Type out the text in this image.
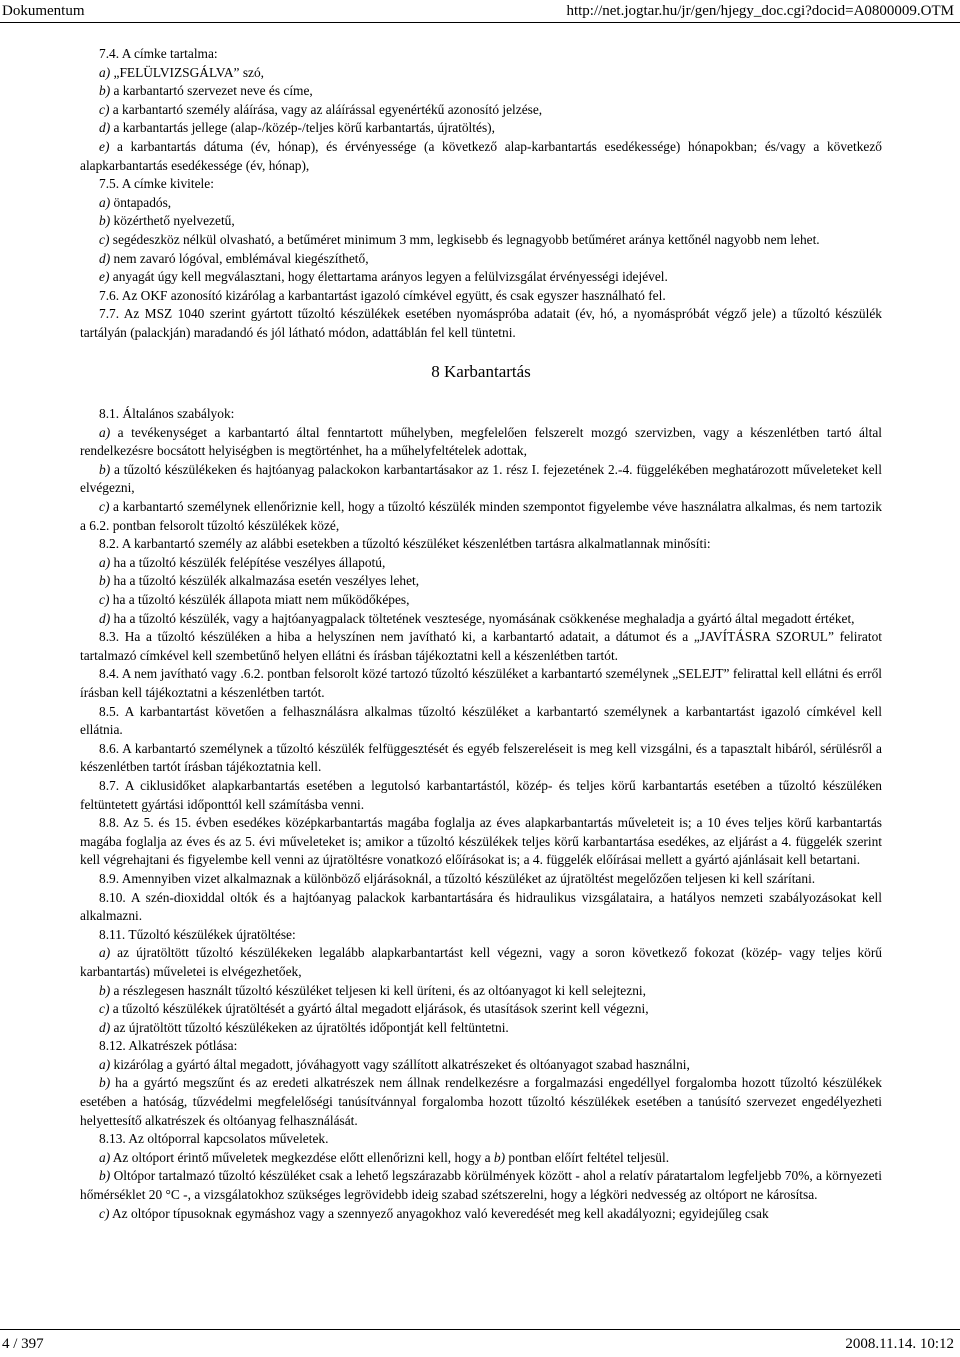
Dokumentum	http://net.jogtar.hu/jr/gen/hjegy_doc.cgi?docid=A0800009.OTM

7.4. A címke tartalma:

a) „FELÜLVIZSGÁLVA” szó,

b) a karbantartó szervezet neve és címe,

c) a karbantartó személy aláírása, vagy az aláírással egyenértékű azonosító jelzése,

d) a karbantartás jellege (alap-/közép-/teljes körű karbantartás, újratöltés),

e) a karbantartás dátuma (év, hónap), és érvényessége (a következő alap-karbantartás esedékessége) hónapokban; és/vagy a következő alapkarbantartás esedékessége (év, hónap),

7.5. A címke kivitele:

a) öntapadós,

b) közérthető nyelvezetű,

c) segédeszköz nélkül olvasható, a betűméret minimum 3 mm, legkisebb és legnagyobb betűméret aránya kettőnél nagyobb nem lehet.

d) nem zavaró lógóval, emblémával kiegészíthető,

e) anyagát úgy kell megválasztani, hogy élettartama arányos legyen a felülvizsgálat érvényességi idejével.

7.6. Az OKF azonosító kizárólag a karbantartást igazoló címkével együtt, és csak egyszer használható fel.

7.7. Az MSZ 1040 szerint gyártott tűzoltó készülékek esetében nyomáspróba adatait (év, hó, a nyomáspróbát végző jele) a tűzoltó készülék tartályán (palackján) maradandó és jól látható módon, adattáblán fel kell tüntetni.

8 Karbantartás

8.1. Általános szabályok:

a) a tevékenységet a karbantartó által fenntartott műhelyben, megfelelően felszerelt mozgó szervizben, vagy a készenlétben tartó által rendelkezésre bocsátott helyiségben is megtörténhet, ha a műhelyfeltételek adottak,

b) a tűzoltó készülékeken és hajtóanyag palackokon karbantartásakor az 1. rész I. fejezetének 2.-4. függelékében meghatározott műveleteket kell elvégezni,

c) a karbantartó személynek ellenőriznie kell, hogy a tűzoltó készülék minden szempontot figyelembe véve használatra alkalmas, és nem tartozik a 6.2. pontban felsorolt tűzoltó készülékek közé,

8.2. A karbantartó személy az alábbi esetekben a tűzoltó készüléket készenlétben tartásra alkalmatlannak minősíti:

a) ha a tűzoltó készülék felépítése veszélyes állapotú,

b) ha a tűzoltó készülék alkalmazása esetén veszélyes lehet,

c) ha a tűzoltó készülék állapota miatt nem működőképes,

d) ha a tűzoltó készülék, vagy a hajtóanyagpalack töltetének vesztesége, nyomásának csökkenése meghaladja a gyártó által megadott értéket,

8.3. Ha a tűzoltó készüléken a hiba a helyszínen nem javítható ki, a karbantartó adatait, a dátumot és a „JAVÍTÁSRA SZORUL” feliratot tartalmazó címkével kell szembetűnő helyen ellátni és írásban tájékoztatni kell a készenlétben tartót.

8.4. A nem javítható vagy .6.2. pontban felsorolt közé tartozó tűzoltó készüléket a karbantartó személynek „SELEJT” felirattal kell ellátni és erről írásban kell tájékoztatni a készenlétben tartót.

8.5. A karbantartást követően a felhasználásra alkalmas tűzoltó készüléket a karbantartó személynek a karbantartást igazoló címkével kell ellátnia.

8.6. A karbantartó személynek a tűzoltó készülék felfüggesztését és egyéb felszereléseit is meg kell vizsgálni, és a tapasztalt hibáról, sérülésről a készenlétben tartót írásban tájékoztatnia kell.

8.7. A ciklusidőket alapkarbantartás esetében a legutolsó karbantartástól, közép- és teljes körű karbantartás esetében a tűzoltó készüléken feltüntetett gyártási időponttól kell számításba venni.

8.8. Az 5. és 15. évben esedékes középkarbantartás magába foglalja az éves alapkarbantartás műveleteit is; a 10 éves teljes körű karbantartás magába foglalja az éves és az 5. évi műveleteket is; amikor a tűzoltó készülékek teljes körű karbantartása esedékes, az eljárást a 4. függelék szerint kell végrehajtani és figyelembe kell venni az újratöltésre vonatkozó előírásokat is; a 4. függelék előírásai mellett a gyártó ajánlásait kell betartani.

8.9. Amennyiben vizet alkalmaznak a különböző eljárásoknál, a tűzoltó készüléket az újratöltést megelőzően teljesen ki kell szárítani.

8.10. A szén-dioxiddal oltók és a hajtóanyag palackok karbantartására és hidraulikus vizsgálataira, a hatályos nemzeti szabályozásokat kell alkalmazni.

8.11. Tűzoltó készülékek újratöltése:

a) az újratöltött tűzoltó készülékeken legalább alapkarbantartást kell végezni, vagy a soron következő fokozat (közép- vagy teljes körű karbantartás) műveletei is elvégezhetőek,

b) a részlegesen használt tűzoltó készüléket teljesen ki kell üríteni, és az oltóanyagot ki kell selejtezni,

c) a tűzoltó készülékek újratöltését a gyártó által megadott eljárások, és utasítások szerint kell végezni,

d) az újratöltött tűzoltó készülékeken az újratöltés időpontját kell feltüntetni.

8.12. Alkatrészek pótlása:

a) kizárólag a gyártó által megadott, jóváhagyott vagy szállított alkatrészeket és oltóanyagot szabad használni,

b) ha a gyártó megszűnt és az eredeti alkatrészek nem állnak rendelkezésre a forgalmazási engedéllyel forgalomba hozott tűzoltó készülékek esetében a hatóság, tűzvédelmi megfelelőségi tanúsítvánnyal forgalomba hozott tűzoltó készülékek esetében a tanúsító szervezet engedélyezheti helyettesítő alkatrészek és oltóanyag felhasználását.

8.13. Az oltóporral kapcsolatos műveletek.

a) Az oltóport érintő műveletek megkezdése előtt ellenőrizni kell, hogy a b) pontban előírt feltétel teljesül.

b) Oltópor tartalmazó tűzoltó készüléket csak a lehető legszárazabb körülmények között - ahol a relatív páratartalom legfeljebb 70%, a környezeti hőmérséklet 20 °C -, a vizsgálatokhoz szükséges legrövidebb ideig szabad szétszerelni, hogy a légköri nedvesség az oltóport ne károsítsa.

c) Az oltópor típusoknak egymáshoz vagy a szennyező anyagokhoz való keveredését meg kell akadályozni; egyidejűleg csak

4 / 397	2008.11.14. 10:12
